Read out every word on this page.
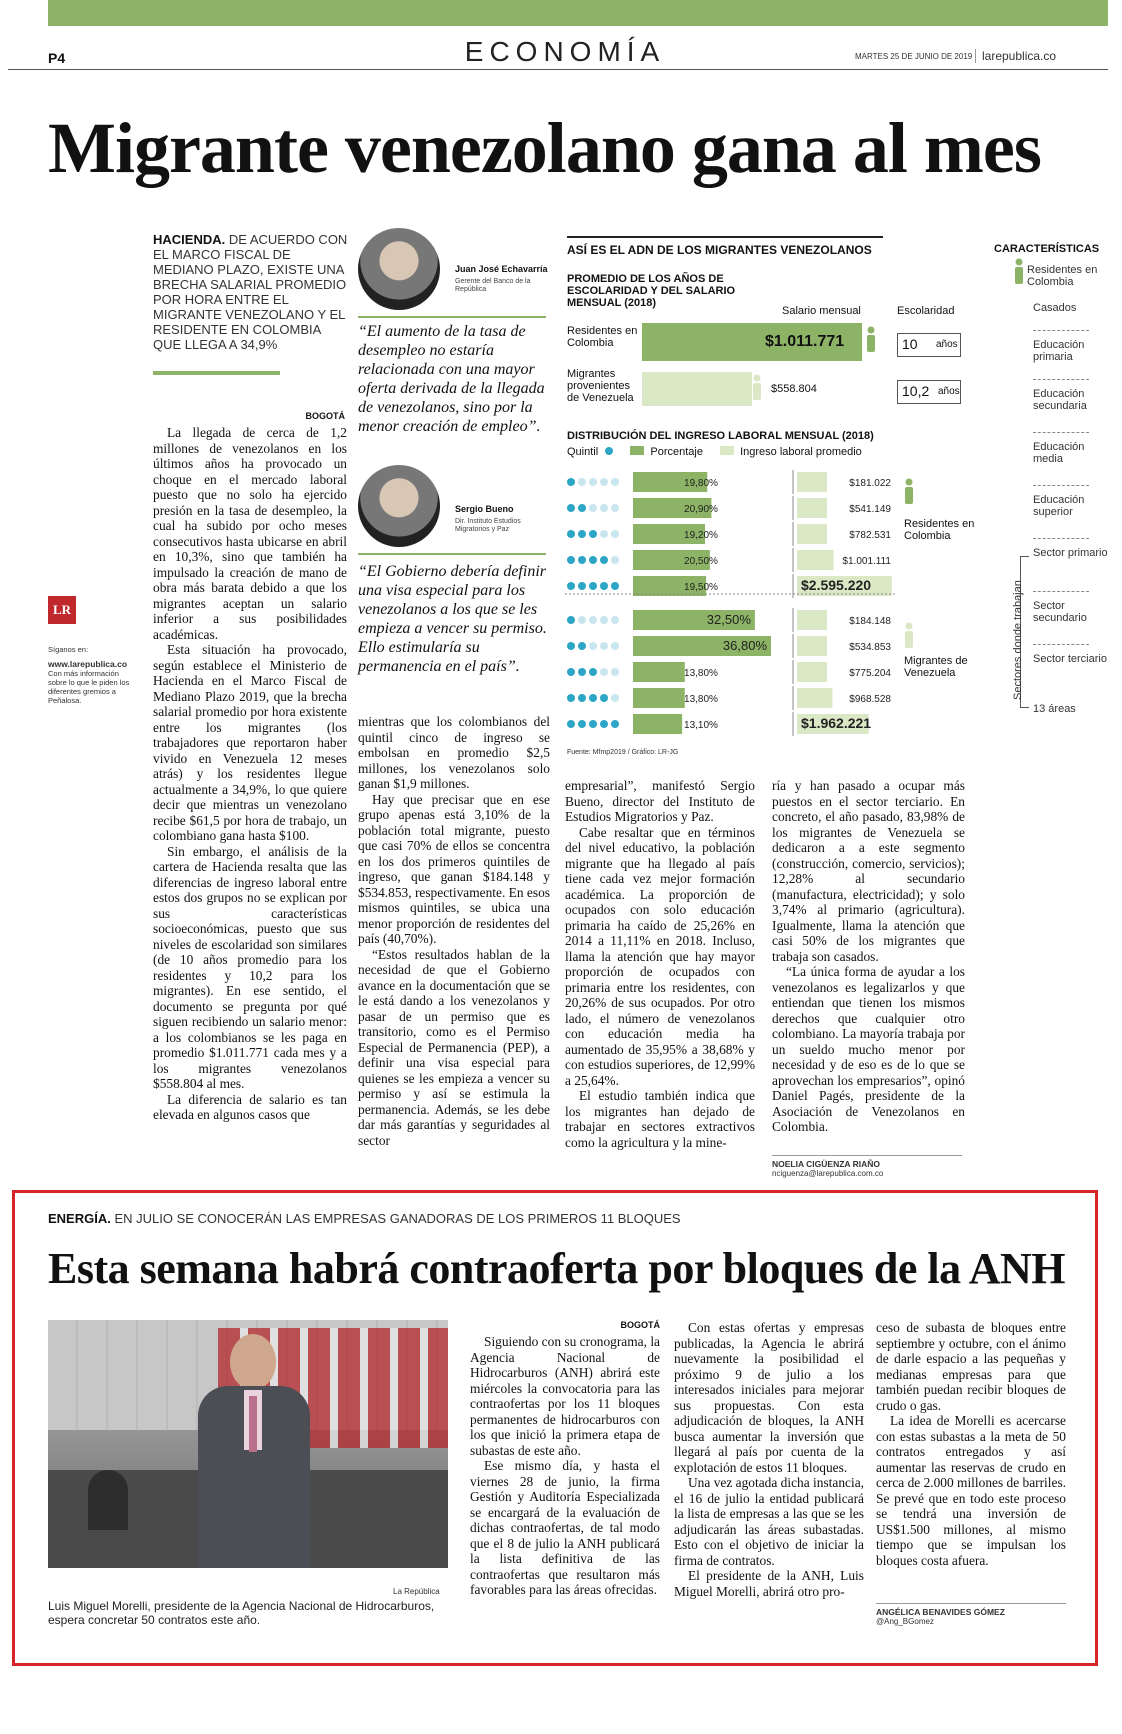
P4	ECONOMÍA	MARTES 25 DE JUNIO DE 2019 larepublica.co
Migrante venezolano gana al mes
HACIENDA. DE ACUERDO CON EL MARCO FISCAL DE MEDIANO PLAZO, EXISTE UNA BRECHA SALARIAL PROMEDIO POR HORA ENTRE EL MIGRANTE VENEZOLANO Y EL RESIDENTE EN COLOMBIA QUE LLEGA A 34,9%
BOGOTÁ

La llegada de cerca de 1,2 millones de venezolanos en los últimos años ha provocado un choque en el mercado laboral puesto que no solo ha ejercido presión en la tasa de desempleo, la cual ha subido por ocho meses consecutivos hasta ubicarse en abril en 10,3%, sino que también ha impulsado la creación de mano de obra más barata debido a que los migrantes aceptan un salario inferior a sus posibilidades académicas.

Esta situación ha provocado, según establece el Ministerio de Hacienda en el Marco Fiscal de Mediano Plazo 2019, que la brecha salarial promedio por hora existente entre los migrantes (los trabajadores que reportaron haber vivido en Venezuela 12 meses atrás) y los residentes llegue actualmente a 34,9%, lo que quiere decir que mientras un venezolano recibe $61,5 por hora de trabajo, un colombiano gana hasta $100.

Sin embargo, el análisis de la cartera de Hacienda resalta que las diferencias de ingreso laboral entre estos dos grupos no se explican por sus características socioeconómicas, puesto que sus niveles de escolaridad son similares (de 10 años promedio para los residentes y 10,2 para los migrantes). En ese sentido, el documento se pregunta por qué siguen recibiendo un salario menor: a los colombianos se les paga en promedio $1.011.771 cada mes y a los migrantes venezolanos $558.804 al mes.

La diferencia de salario es tan elevada en algunos casos que

LR
Síganos en:
www.larepublica.co
Con más información sobre lo que le piden los diferentes gremios a Peñalosa.
Juan José Echavarría
Gerente del Banco de la República
“El aumento de la tasa de desempleo no estaría relacionada con una mayor oferta derivada de la llegada de venezolanos, sino por la menor creación de empleo”.
Sergio Bueno
Dir. Instituto Estudios Migratorios y Paz
“El Gobierno debería definir una visa especial para los venezolanos a los que se les empieza a vencer su permiso. Ello estimularía su permanencia en el país”.

mientras que los colombianos del quintil cinco de ingreso se embolsan en promedio $2,5 millones, los venezolanos solo ganan $1,9 millones.

Hay que precisar que en ese grupo apenas está 3,10% de la población total migrante, puesto que casi 70% de ellos se concentra en los dos primeros quintiles de ingreso, que ganan $184.148 y $534.853, respectivamente. En esos mismos quintiles, se ubica una menor proporción de residentes del país (40,70%).

“Estos resultados hablan de la necesidad de que el Gobierno avance en la documentación que se le está dando a los venezolanos y pasar de un permiso que es transitorio, como es el Permiso Especial de Permanencia (PEP), a definir una visa especial para quienes se les empieza a vencer su permiso y así se estimula la permanencia. Además, se les debe dar más garantías y seguridades al sector

empresarial”, manifestó Sergio Bueno, director del Instituto de Estudios Migratorios y Paz.

Cabe resaltar que en términos del nivel educativo, la población migrante que ha llegado al país tiene cada vez mejor formación académica. La proporción de ocupados con solo educación primaria ha caído de 25,26% en 2014 a 11,11% en 2018. Incluso, llama la atención que hay mayor proporción de ocupados con primaria entre los residentes, con 20,26% de sus ocupados. Por otro lado, el número de venezolanos con educación media ha aumentado de 35,95% a 38,68% y con estudios superiores, de 12,99% a 25,64%.

El estudio también indica que los migrantes han dejado de trabajar en sectores extractivos como la agricultura y la mine-

ría y han pasado a ocupar más puestos en el sector terciario. En concreto, el año pasado, 83,98% de los migrantes de Venezuela se dedicaron a a este segmento (construcción, comercio, servicios); 12,28% al secundario (manufactura, electricidad); y solo 3,74% al primario (agricultura). Igualmente, llama la atención que casi 50% de los migrantes que trabaja son casados.

“La única forma de ayudar a los venezolanos es legalizarlos y que entiendan que tienen los mismos derechos que cualquier otro colombiano. La mayoría trabaja por un sueldo mucho menor por necesidad y de eso es de lo que se aprovechan los empresarios”, opinó Daniel Pagés, presidente de la Asociación de Venezolanos en Colombia.

NOELIA CIGÜENZA RIAÑO
nciguenza@larepublica.com.co
ASÍ ES EL ADN DE LOS MIGRANTES VENEZOLANOS
PROMEDIO DE LOS AÑOS DE ESCOLARIDAD Y DEL SALARIO MENSUAL (2018)
Salario mensual	Escolaridad
Residentes en Colombia	$1.011.771	10 años
Migrantes provenientes de Venezuela
$558.804	10,2 años
DISTRIBUCIÓN DEL INGRESO LABORAL MENSUAL (2018)
Quintil	Porcentaje	Ingreso laboral promedio
19,80%	$181.022
20,90%	$541.149
19,20%	$782.531
20,50%	$1.001.111
19,50%	$2.595.220
32,50%	$184.148
36,80%	$534.853
13,80%	$775.204
13,80%	$968.528
13,10%	$1.962.221
Residentes en Colombia
Migrantes de Venezuela
Fuente: Mfmp2019 / Gráfico: LR-JG
CARACTERÍSTICAS
Residentes en Colombia
Casados
Educación primaria
Educación secundaria
Educación media
Educación superior
Sector primario
Sector secundario
Sector terciario
13 áreas
Sectores donde trabajan
ENERGÍA. EN JULIO SE CONOCERÁN LAS EMPRESAS GANADORAS DE LOS PRIMEROS 11 BLOQUES
Esta semana habrá contraoferta por bloques de la ANH
La República
Luis Miguel Morelli, presidente de la Agencia Nacional de Hidrocarburos, espera concretar 50 contratos este año.
BOGOTÁ

Siguiendo con su cronograma, la Agencia Nacional de Hidrocarburos (ANH) abrirá este miércoles la convocatoria para las contraofertas por los 11 bloques permanentes de hidrocarburos con los que inició la primera etapa de subastas de este año.

Ese mismo día, y hasta el viernes 28 de junio, la firma Gestión y Auditoría Especializada se encargará de la evaluación de dichas contraofertas, de tal modo que el 8 de julio la ANH publicará la lista definitiva de las contraofertas que resultaron más favorables para las áreas ofrecidas.

Con estas ofertas y empresas publicadas, la Agencia le abrirá nuevamente la posibilidad el próximo 9 de julio a los interesados iniciales para mejorar sus propuestas. Con esta adjudicación de bloques, la ANH busca aumentar la inversión que llegará al país por cuenta de la explotación de estos 11 bloques.

Una vez agotada dicha instancia, el 16 de julio la entidad publicará la lista de empresas a las que se les adjudicarán las áreas subastadas. Esto con el objetivo de iniciar la firma de contratos.

El presidente de la ANH, Luis Miguel Morelli, abrirá otro pro-

ceso de subasta de bloques entre septiembre y octubre, con el ánimo de darle espacio a las pequeñas y medianas empresas para que también puedan recibir bloques de crudo o gas.

La idea de Morelli es acercarse con estas subastas a la meta de 50 contratos entregados y así aumentar las reservas de crudo en cerca de 2.000 millones de barriles. Se prevé que en todo este proceso se tendrá una inversión de US$1.500 millones, al mismo tiempo que se impulsan los bloques costa afuera.

ANGÉLICA BENAVIDES GÓMEZ
@Ang_BGomez
